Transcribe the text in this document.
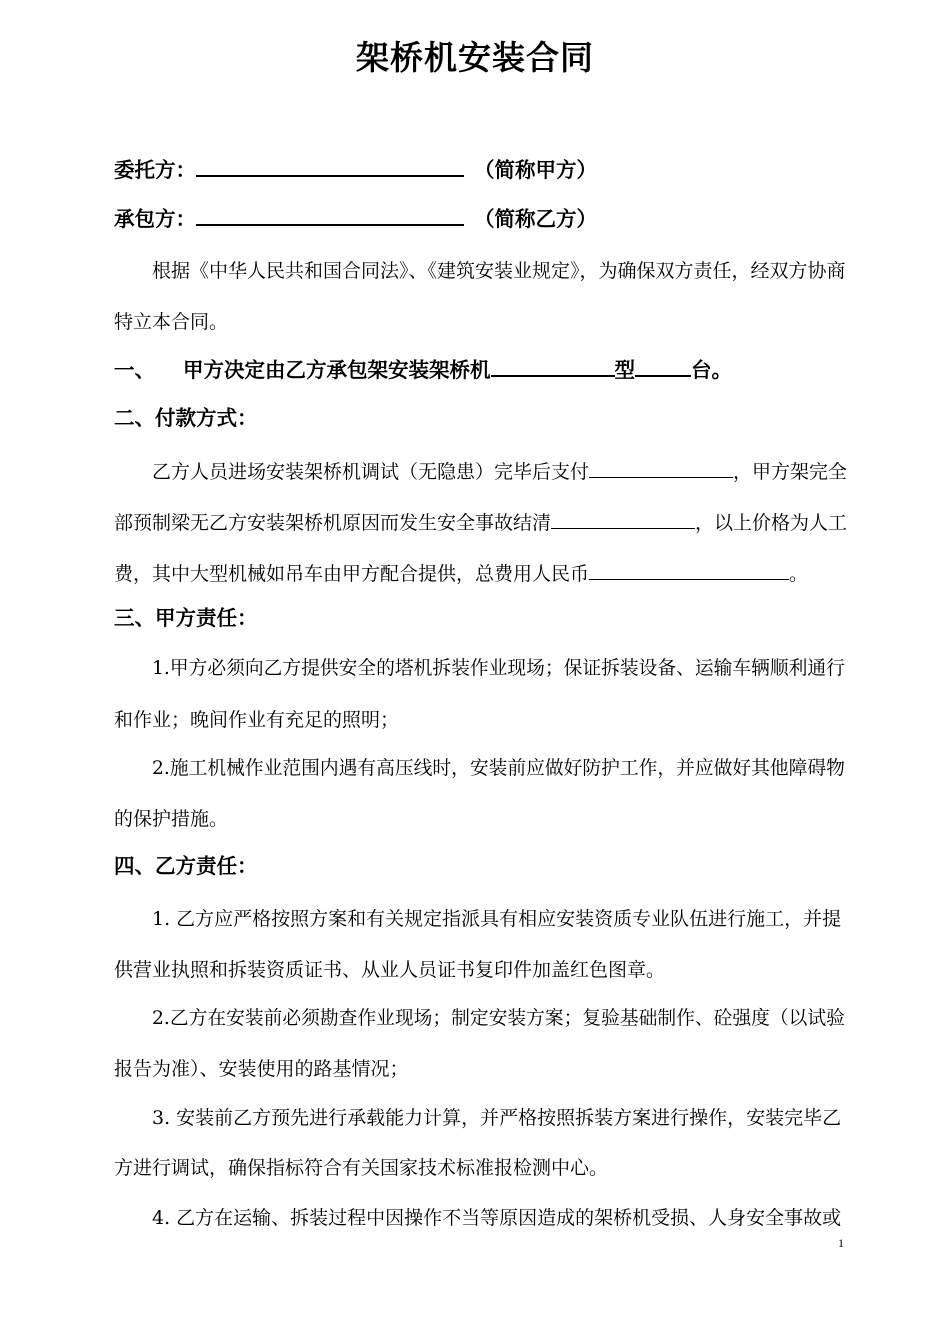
架桥机安装合同
委托方：	（简称甲方）
承包方：	（简称乙方）
根据《中华人民共和国合同法》、《建筑安装业规定》，为确保双方责任，经双方协商
特立本合同。
一、 甲方决定由乙方承包架安装架桥机	型	台。
二、付款方式：
乙方人员进场安装架桥机调试（无隐患）完毕后支付	，甲方架完全
部预制梁无乙方安装架桥机原因而发生安全事故结清	，以上价格为人工
费，其中大型机械如吊车由甲方配合提供，总费用人民币	。
三、甲方责任：
1.甲方必须向乙方提供安全的塔机拆装作业现场；保证拆装设备、运输车辆顺利通行
和作业；晚间作业有充足的照明；
2.施工机械作业范围内遇有高压线时，安装前应做好防护工作，并应做好其他障碍物
的保护措施。
四、乙方责任：
1. 乙方应严格按照方案和有关规定指派具有相应安装资质专业队伍进行施工，并提
供营业执照和拆装资质证书、从业人员证书复印件加盖红色图章。
2.乙方在安装前必须勘查作业现场；制定安装方案；复验基础制作、砼强度（以试验
报告为准）、安装使用的路基情况；
3. 安装前乙方预先进行承载能力计算，并严格按照拆装方案进行操作，安装完毕乙
方进行调试，确保指标符合有关国家技术标准报检测中心。
4. 乙方在运输、拆装过程中因操作不当等原因造成的架桥机受损、人身安全事故或
1
